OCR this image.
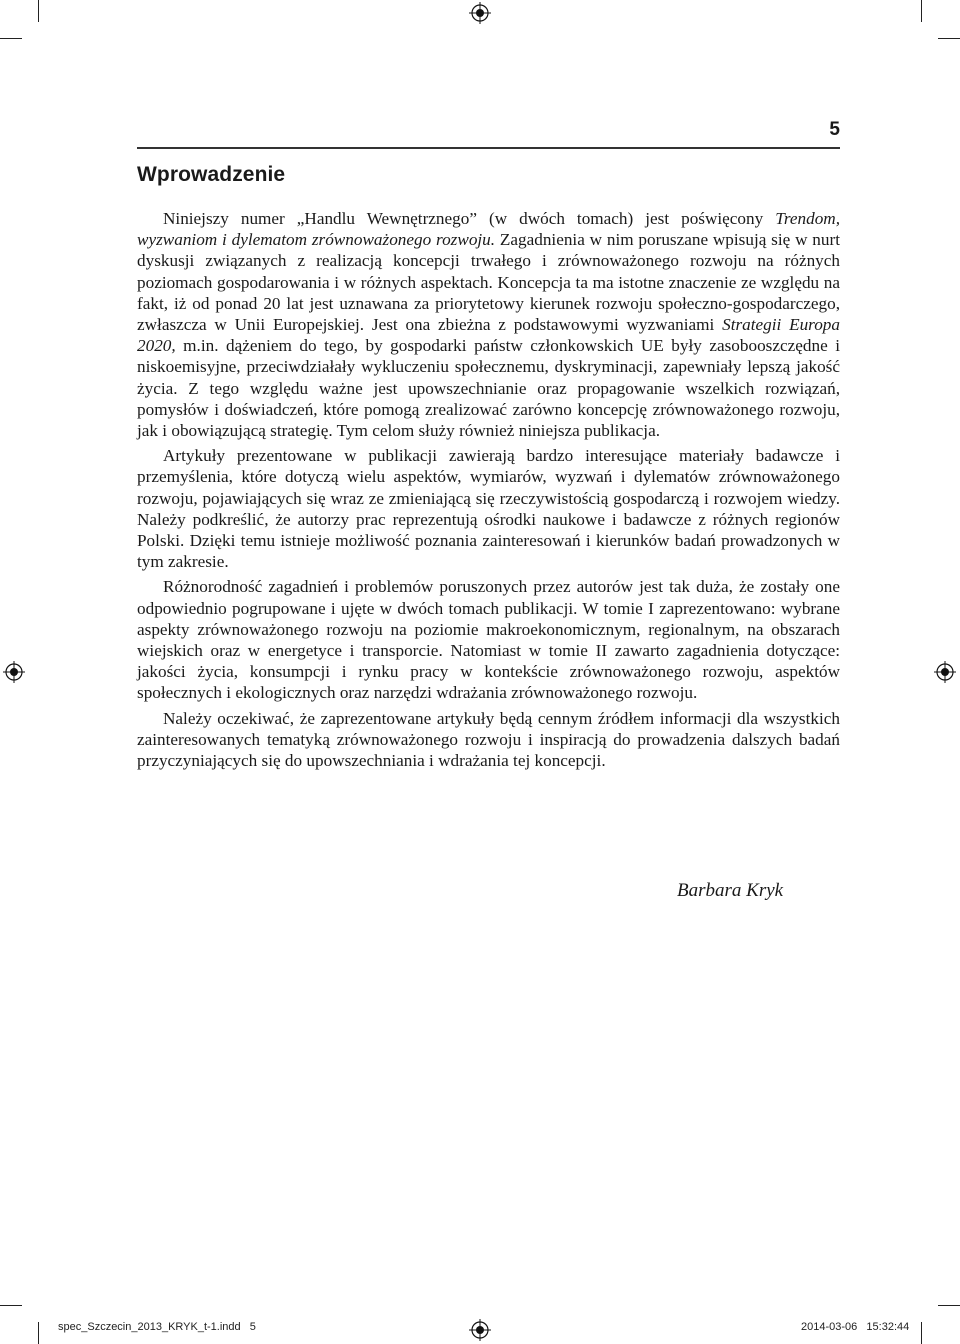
5
Wprowadzenie

Niniejszy numer „Handlu Wewnętrznego” (w dwóch tomach) jest poświęcony Trendom, wyzwaniom i dylematom zrównoważonego rozwoju. Zagadnienia w nim poruszane wpisują się w nurt dyskusji związanych z realizacją koncepcji trwałego i zrównoważonego rozwoju na różnych poziomach gospodarowania i w różnych aspektach. Koncepcja ta ma istotne znaczenie ze względu na fakt, iż od ponad 20 lat jest uznawana za priorytetowy kierunek rozwoju społeczno-gospodarczego, zwłaszcza w Unii Europejskiej. Jest ona zbieżna z podstawowymi wyzwaniami Strategii Europa 2020, m.in. dążeniem do tego, by gospodarki państw członkowskich UE były zasobooszczędne i niskoemisyjne, przeciwdziałały wykluczeniu społecznemu, dyskryminacji, zapewniały lepszą jakość życia. Z tego względu ważne jest upowszechnianie oraz propagowanie wszelkich rozwiązań, pomysłów i doświadczeń, które pomogą zrealizować zarówno koncepcję zrównoważonego rozwoju, jak i obowiązującą strategię. Tym celom służy również niniejsza publikacja.

Artykuły prezentowane w publikacji zawierają bardzo interesujące materiały badawcze i przemyślenia, które dotyczą wielu aspektów, wymiarów, wyzwań i dylematów zrównoważonego rozwoju, pojawiających się wraz ze zmieniającą się rzeczywistością gospodarczą i rozwojem wiedzy. Należy podkreślić, że autorzy prac reprezentują ośrodki naukowe i badawcze z różnych regionów Polski. Dzięki temu istnieje możliwość poznania zainteresowań i kierunków badań prowadzonych w tym zakresie.

Różnorodność zagadnień i problemów poruszonych przez autorów jest tak duża, że zostały one odpowiednio pogrupowane i ujęte w dwóch tomach publikacji. W tomie I zaprezentowano: wybrane aspekty zrównoważonego rozwoju na poziomie makroekonomicznym, regionalnym, na obszarach wiejskich oraz w energetyce i transporcie. Natomiast w tomie II zawarto zagadnienia dotyczące: jakości życia, konsumpcji i rynku pracy w kontekście zrównoważonego rozwoju, aspektów społecznych i ekologicznych oraz narzędzi wdrażania zrównoważonego rozwoju.

Należy oczekiwać, że zaprezentowane artykuły będą cennym źródłem informacji dla wszystkich zainteresowanych tematyką zrównoważonego rozwoju i inspiracją do prowadzenia dalszych badań przyczyniających się do upowszechniania i wdrażania tej koncepcji.

Barbara Kryk
spec_Szczecin_2013_KRYK_t-1.indd   5	2014-03-06   15:32:44
